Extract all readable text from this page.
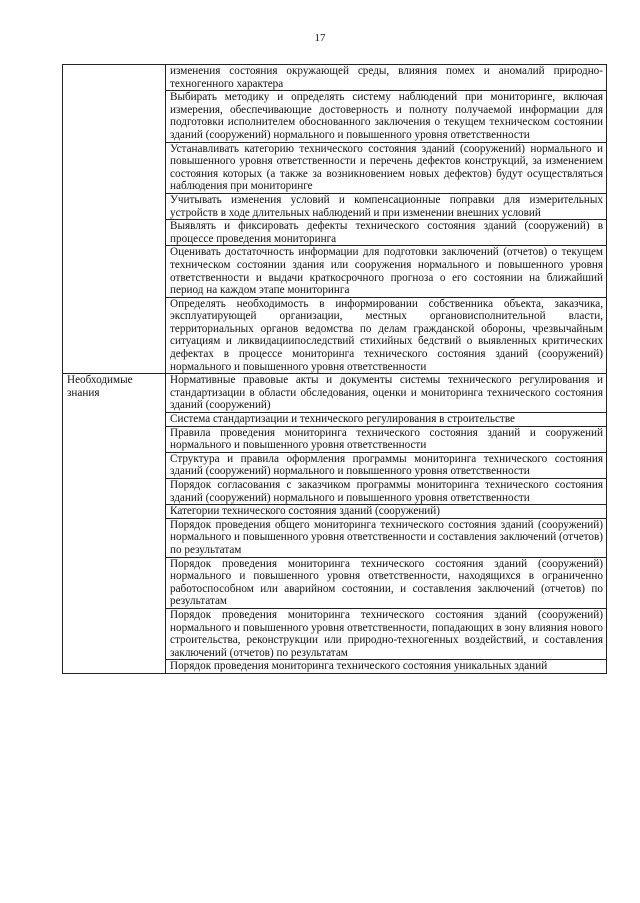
17

	изменения состояния окружающей среды, влияния помех и аномалий природно-техногенного характера

	Выбирать методику и определять систему наблюдений при мониторинге, включая измерения, обеспечивающие достоверность и полноту получаемой информации для подготовки исполнителем обоснованного заключения о текущем техническом состоянии зданий (сооружений) нормального и повышенного уровня ответственности

	Устанавливать категорию технического состояния зданий (сооружений) нормального и повышенного уровня ответственности и перечень дефектов конструкций, за изменением состояния которых (а также за возникновением новых дефектов) будут осуществляться наблюдения при мониторинге

	Учитывать изменения условий и компенсационные поправки для измерительных устройств в ходе длительных наблюдений и при изменении внешних условий

	Выявлять и фиксировать дефекты технического состояния зданий (сооружений) в процессе проведения мониторинга

	Оценивать достаточность информации для подготовки заключений (отчетов) о текущем техническом состоянии здания или сооружения нормального и повышенного уровня ответственности и выдачи краткосрочного прогноза о его состоянии на ближайший период на каждом этапе мониторинга

	Определять необходимость в информировании собственника объекта, заказчика, эксплуатирующей организации, местных органовисполнительной власти, территориальных органов ведомства по делам гражданской обороны, чрезвычайным ситуациям и ликвидациипоследствий стихийных бедствий о выявленных критических дефектах в процессе мониторинга технического состояния зданий (сооружений) нормального и повышенного уровня ответственности

Необходимые знания	Нормативные правовые акты и документы системы технического регулирования и стандартизации в области обследования, оценки и мониторинга технического состояния зданий (сооружений)

	Система стандартизации и технического регулирования в строительстве

	Правила проведения мониторинга технического состояния зданий и сооружений нормального и повышенного уровня ответственности

	Структура и правила оформления программы мониторинга технического состояния зданий (сооружений) нормального и повышенного уровня ответственности

	Порядок согласования с заказчиком программы мониторинга технического состояния зданий (сооружений) нормального и повышенного уровня ответственности

	Категории технического состояния зданий (сооружений)

	Порядок проведения общего мониторинга технического состояния зданий (сооружений) нормального и повышенного уровня ответственности и составления заключений (отчетов) по результатам

	Порядок проведения мониторинга технического состояния зданий (сооружений) нормального и повышенного уровня ответственности, находящихся в ограниченно работоспособном или аварийном состоянии, и составления заключений (отчетов) по результатам

	Порядок проведения мониторинга технического состояния зданий (сооружений) нормального и повышенного уровня ответственности, попадающих в зону влияния нового строительства, реконструкции или природно-техногенных воздействий, и составления заключений (отчетов) по результатам

	Порядок проведения мониторинга технического состояния уникальных зданий
